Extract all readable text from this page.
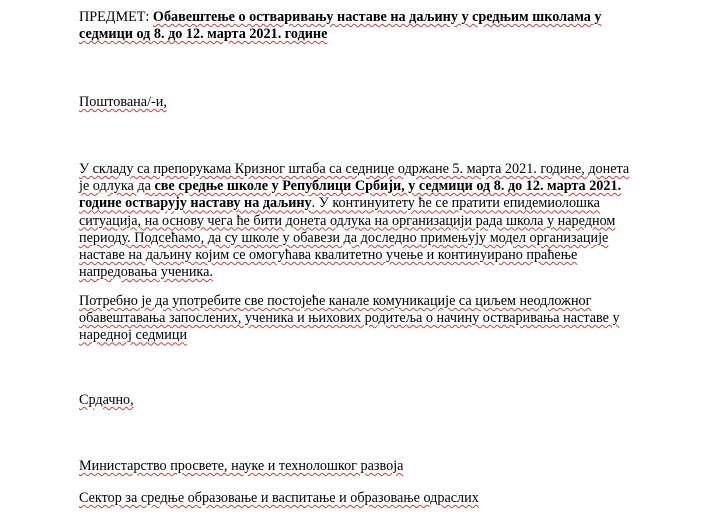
ПРЕДМЕТ: Обавештење о остваривању наставе на даљину у средњим школама у седмици од 8. до 12. марта 2021. године

Поштована/-и,

У складу са препорукама Кризног штаба са седнице одржане 5. марта 2021. године, донета је одлука да све средње школе у Републици Србији, у седмици од 8. до 12. марта 2021. године остварују наставу на даљину. У континуитету ће се пратити епидемиолошка ситуација, на основу чега ће бити донета одлука на организацији рада школа у наредном периоду. Подсећамо, да су школе у обавези да доследно примењују модел организације наставе на даљину којим се омогућава квалитетно учење и континуирано праћење напредовања ученика.

Потребно је да употребите све постојеће канале комуникације са циљем неодложног обавештавања запослених, ученика и њихових родитеља о начину остваривања наставе у наредној седмици

Срдачно,

Министарство просвете, науке и технолошког развоја

Сектор за средње образовање и васпитање и образовање одраслих
